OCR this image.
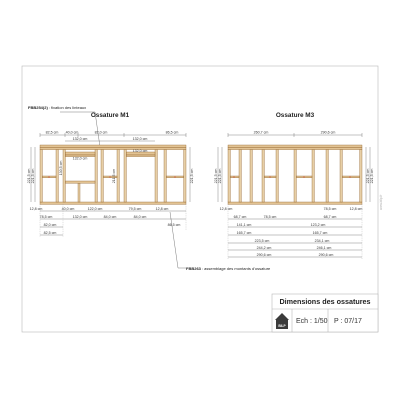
www.bilp.fr
Ossature M1
FBB254(2): fixation des linteaux
82,5 cm 40,0 cm	82,0 cm	86,5 cm
132,0 cm	132,0 cm
132,0 cm
132,0 cm
221,5 cm 221,5 cm	221,5 cm
130,5 cm
211,5 cm
12,8 cm	40,0 cm	122,0 cm	79,5 cm	12,8 cm
78,5 cm	132,0 cm	84,0 cm	84,0 cm
82,0 cm
82,5 cm
86,5 cm
FBB263: assemblage des montants d'ossature
Ossature M3
260,7 cm	290,6 cm
221,5 cm 221,5 cm	221,5 cm 221,5 cm
12,8 cm	78,5 cm	12,8 cm
68,7 cm	78,5 cm	68,7 cm
141,1 cm	123,2 cm
165,7 cm	165,7 cm
223,5 cm	234,1 cm
244,2 cm	246,1 cm
290,6 cm	290,6 cm
Dimensions des ossatures
BILP
Ech : 1/50 P : 07/17
